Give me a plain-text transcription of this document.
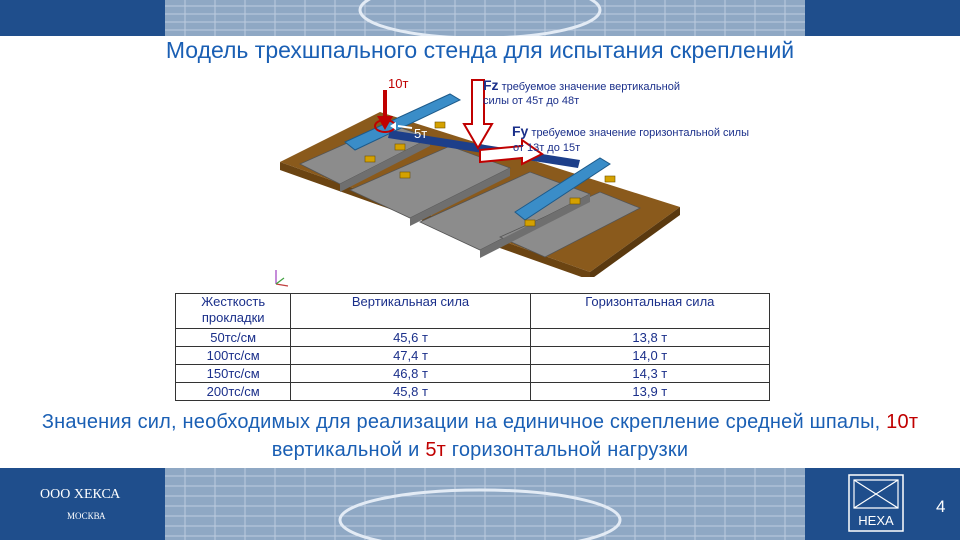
Модель трехшпального стенда для испытания скреплений
10т
5т
Fz требуемое значение вертикальной
силы от 45т до 48т
Fy требуемое значение горизонтальной силы
от 13т до 15т
Жесткость прокладки	Вертикальная сила	Горизонтальная сила
50тс/см	45,6 т	13,8 т
100тс/см	47,4 т	14,0 т
150тс/см	46,8 т	14,3 т
200тс/см	45,8 т	13,9 т
Значения сил, необходимых для реализации на единичное скрепление средней шпалы, 10т вертикальной и 5т горизонтальной нагрузки
ООО ХЕКСА
МОСКВА	HEXA
4
